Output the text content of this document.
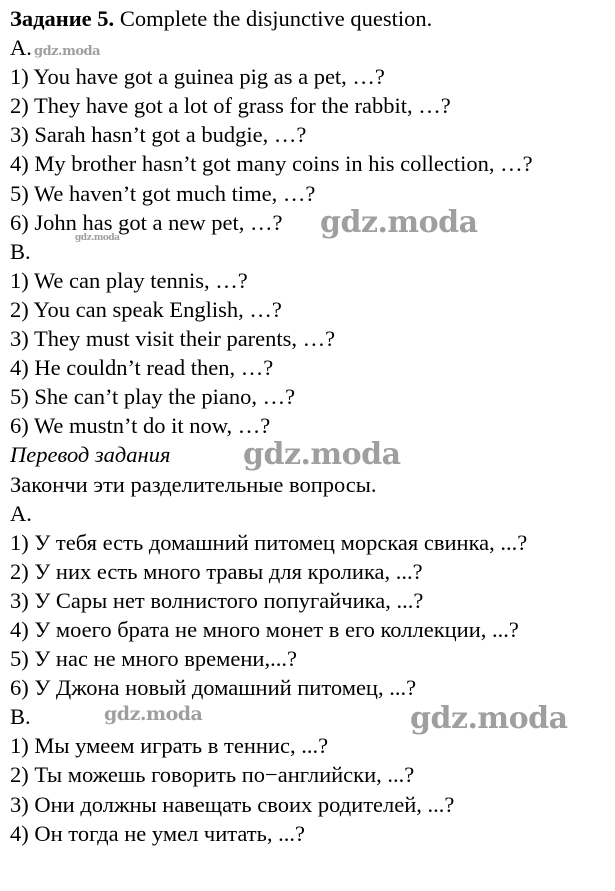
Задание 5. Complete the disjunctive question.
A.
1) You have got a guinea pig as a pet, …?
2) They have got a lot of grass for the rabbit, …?
3) Sarah hasn’t got a budgie, …?
4) My brother hasn’t got many coins in his collection, …?
5) We haven’t got much time, …?
6) John has got a new pet, …?
B.
1) We can play tennis, …?
2) You can speak English, …?
3) They must visit their parents, …?
4) He couldn’t read then, …?
5) She can’t play the piano, …?
6) We mustn’t do it now, …?
Перевод задания
Закончи эти разделительные вопросы.
А.
1) У тебя есть домашний питомец морская свинка, ...?
2) У них есть много травы для кролика, ...?
3) У Сары нет волнистого попугайчика, ...?
4) У моего брата не много монет в его коллекции, ...?
5) У нас не много времени,...?
6) У Джона новый домашний питомец, ...?
В.
1) Мы умеем играть в теннис, ...?
2) Ты можешь говорить по−английски, ...?
3) Они должны навещать своих родителей, ...?
4) Он тогда не умел читать, ...?
gdz.moda
gdz.moda
gdz.moda
gdz.moda
gdz.moda	gdz.moda
